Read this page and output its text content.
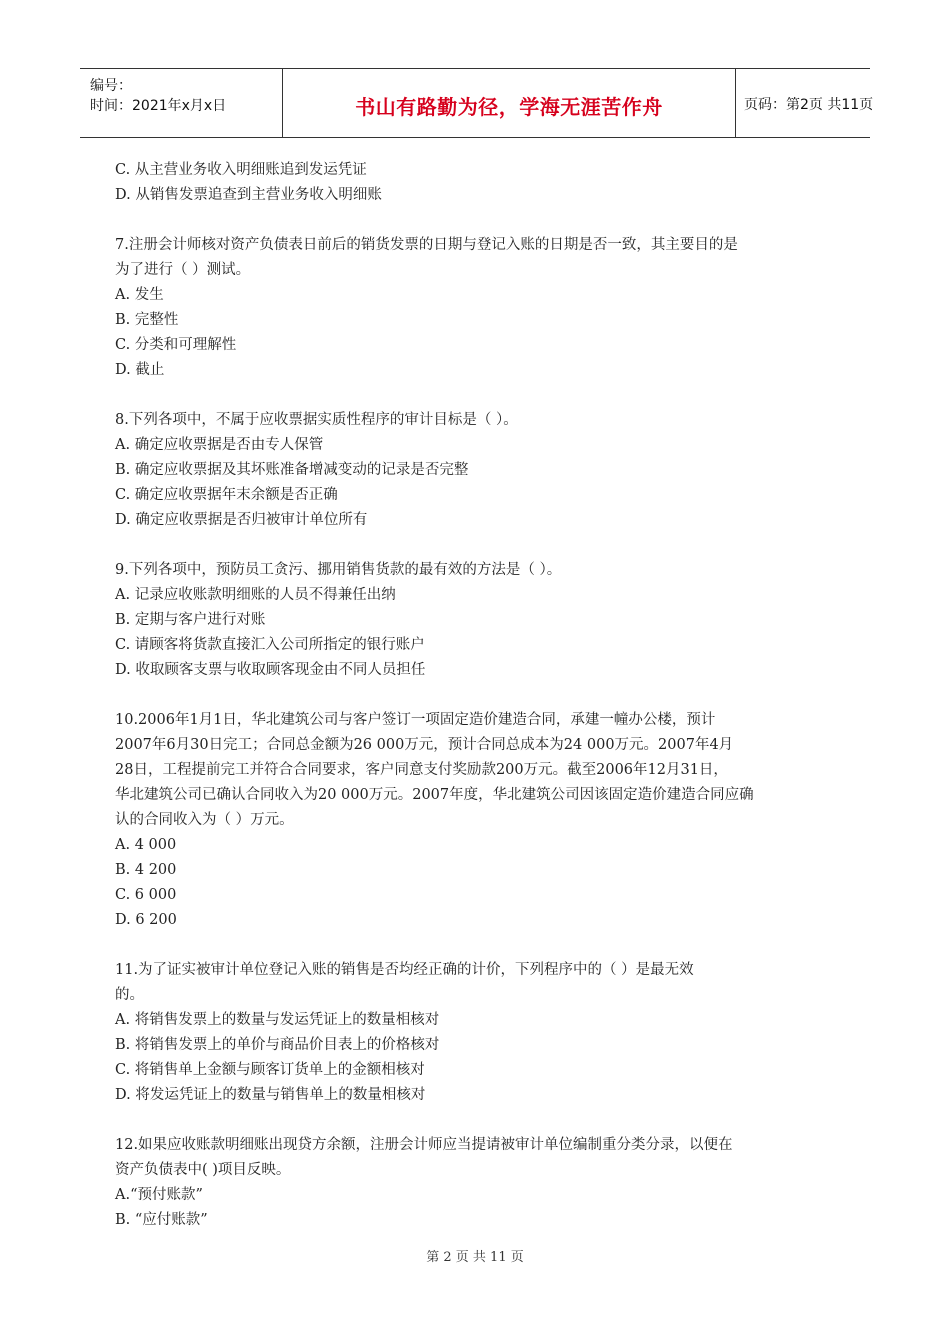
编号：
时间：2021年x月x日	书山有路勤为径，学海无涯苦作舟	页码：第2页 共11页
C. 从主营业务收入明细账追到发运凭证
D. 从销售发票追查到主营业务收入明细账
7.注册会计师核对资产负债表日前后的销货发票的日期与登记入账的日期是否一致，其主要目的是
为了进行（ ）测试。
A. 发生
B. 完整性
C. 分类和可理解性
D. 截止
8.下列各项中，不属于应收票据实质性程序的审计目标是（ ）。
A. 确定应收票据是否由专人保管
B. 确定应收票据及其坏账准备增减变动的记录是否完整
C. 确定应收票据年末余额是否正确
D. 确定应收票据是否归被审计单位所有
9.下列各项中，预防员工贪污、挪用销售货款的最有效的方法是（ ）。
A. 记录应收账款明细账的人员不得兼任出纳
B. 定期与客户进行对账
C. 请顾客将货款直接汇入公司所指定的银行账户
D. 收取顾客支票与收取顾客现金由不同人员担任
10.2006年1月1日，华北建筑公司与客户签订一项固定造价建造合同，承建一幢办公楼，预计
2007年6月30日完工；合同总金额为26 000万元，预计合同总成本为24 000万元。2007年4月
28日，工程提前完工并符合合同要求，客户同意支付奖励款200万元。截至2006年12月31日，
华北建筑公司已确认合同收入为20 000万元。2007年度，华北建筑公司因该固定造价建造合同应确
认的合同收入为（ ）万元。
A. 4 000
B. 4 200
C. 6 000
D. 6 200
11.为了证实被审计单位登记入账的销售是否均经正确的计价，下列程序中的（ ）是最无效
的。
A. 将销售发票上的数量与发运凭证上的数量相核对
B. 将销售发票上的单价与商品价目表上的价格核对
C. 将销售单上金额与顾客订货单上的金额相核对
D. 将发运凭证上的数量与销售单上的数量相核对
12.如果应收账款明细账出现贷方余额，注册会计师应当提请被审计单位编制重分类分录，以便在
资产负债表中( )项目反映。
A.“预付账款”
B. “应付账款”
第 2 页 共 11 页
